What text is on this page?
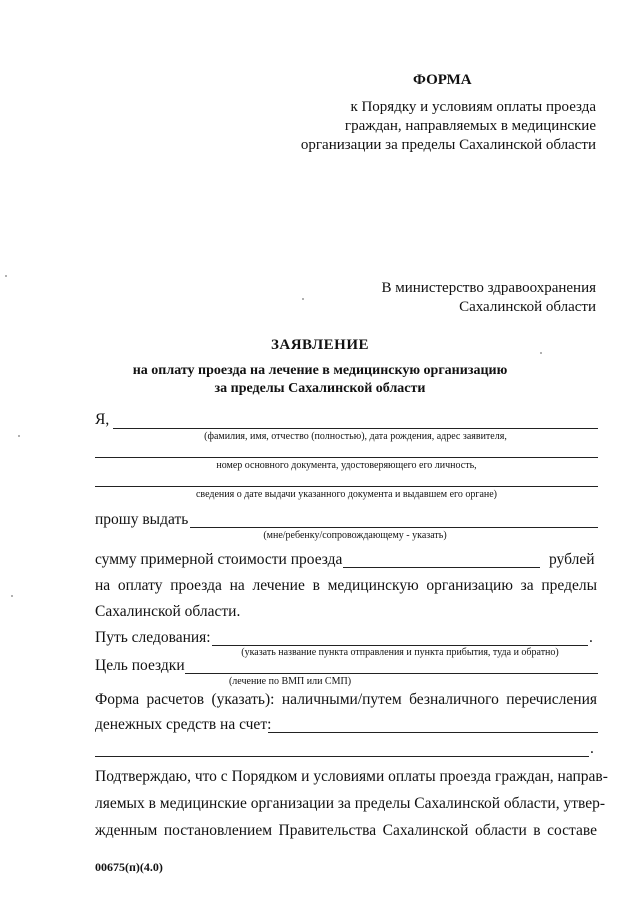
ФОРМА
к Порядку и условиям оплаты проезда
граждан, направляемых в медицинские
организации за пределы Сахалинской области
В министерство здравоохранения
Сахалинской области
ЗАЯВЛЕНИЕ
на оплату проезда на лечение в медицинскую организацию
за пределы Сахалинской области
Я,
(фамилия, имя, отчество (полностью), дата рождения, адрес заявителя,
номер основного документа, удостоверяющего его личность,
сведения о дате выдачи указанного документа и выдавшем его органе)
прошу выдать
(мне/ребенку/сопровождающему - указать)
сумму примерной стоимости проезда	рублей
на оплату проезда на лечение в медицинскую организацию за пределы
Сахалинской области.
Путь следования:	.
(указать название пункта отправления и пункта прибытия, туда и обратно)
Цель поездки
(лечение по ВМП или СМП)
Форма расчетов (указать): наличными/путем безналичного перечисления
денежных средств на счет:
.
Подтверждаю, что с Порядком и условиями оплаты проезда граждан, направ-
ляемых в медицинские организации за пределы Сахалинской области, утвер-
жденным постановлением Правительства Сахалинской области в составе
00675(п)(4.0)
